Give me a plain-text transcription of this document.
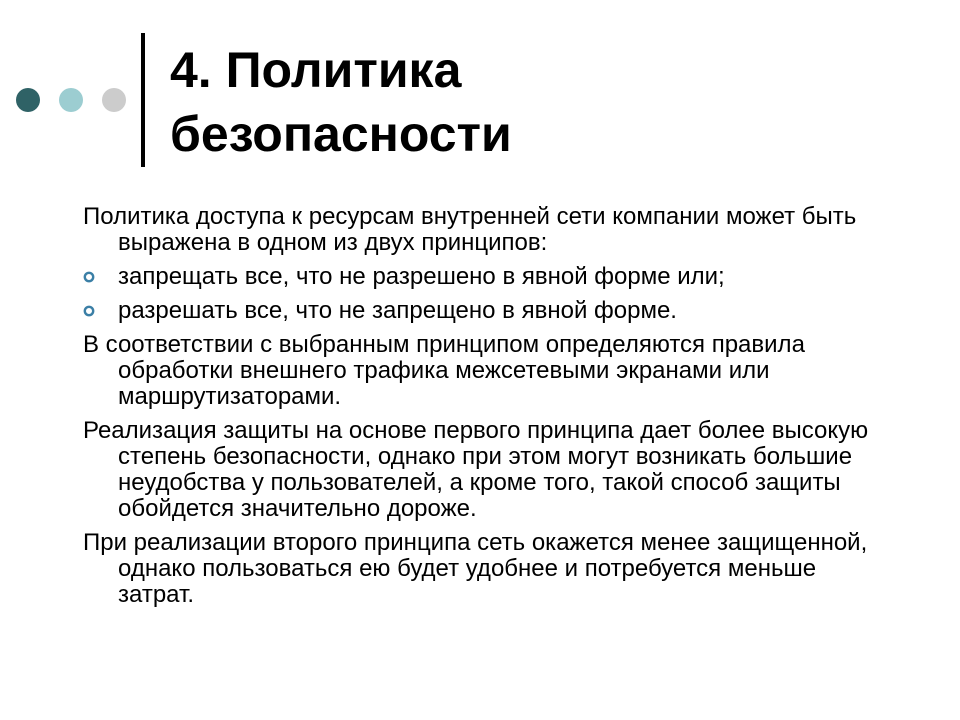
4. Политика
безопасности
Политика доступа к ресурсам внутренней сети компании может быть выражена в одном из двух принципов:
запрещать все, что не разрешено в явной форме или;
разрешать все, что не запрещено в явной форме.
В соответствии с выбранным принципом определяются правила обработки внешнего трафика межсетевыми экранами или маршрутизаторами.
Реализация защиты на основе первого принципа дает более высокую степень безопасности, однако при этом могут возникать большие неудобства у пользователей, а кроме того, такой способ защиты обойдется значительно дороже.
При реализации второго принципа сеть окажется менее защищенной, однако пользоваться ею будет удобнее и потребуется меньше затрат.
